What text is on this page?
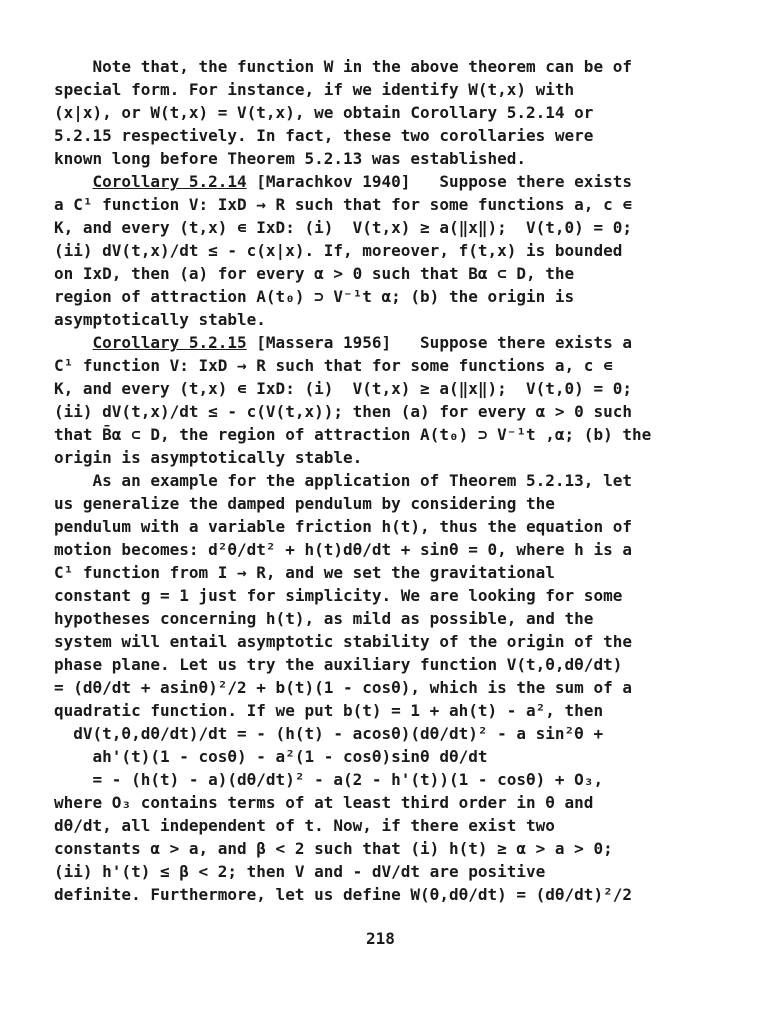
Note that, the function W in the above theorem can be of
special form. For instance, if we identify W(t,x) with
(x|x), or W(t,x) = V(t,x), we obtain Corollary 5.2.14 or
5.2.15 respectively. In fact, these two corollaries were
known long before Theorem 5.2.13 was established.
Corollary 5.2.14 [Marachkov 1940]   Suppose there exists
a C¹ function V: IxD → R such that for some functions a, c ∊
K, and every (t,x) ∊ IxD: (i)  V(t,x) ≥ a(‖x‖);  V(t,0) = 0;
(ii) dV(t,x)/dt ≤ - c(x|x). If, moreover, f(t,x) is bounded
on IxD, then (a) for every α > 0 such that Bα ⊂ D, the
region of attraction A(t₀) ⊃ V⁻¹t α; (b) the origin is
asymptotically stable.
Corollary 5.2.15 [Massera 1956]   Suppose there exists a
C¹ function V: IxD → R such that for some functions a, c ∊
K, and every (t,x) ∊ IxD: (i)  V(t,x) ≥ a(‖x‖);  V(t,0) = 0;
(ii) dV(t,x)/dt ≤ - c(V(t,x)); then (a) for every α > 0 such
that B̄α ⊂ D, the region of attraction A(t₀) ⊃ V⁻¹t ,α; (b) the
origin is asymptotically stable.
As an example for the application of Theorem 5.2.13, let
us generalize the damped pendulum by considering the
pendulum with a variable friction h(t), thus the equation of
motion becomes: d²θ/dt² + h(t)dθ/dt + sinθ = 0, where h is a
C¹ function from I → R, and we set the gravitational
constant g = 1 just for simplicity. We are looking for some
hypotheses concerning h(t), as mild as possible, and the
system will entail asymptotic stability of the origin of the
phase plane. Let us try the auxiliary function V(t,θ,dθ/dt)
= (dθ/dt + asinθ)²/2 + b(t)(1 - cosθ), which is the sum of a
quadratic function. If we put b(t) = 1 + ah(t) - a², then
dV(t,θ,dθ/dt)/dt = - (h(t) - acosθ)(dθ/dt)² - a sin²θ +
ah'(t)(1 - cosθ) - a²(1 - cosθ)sinθ dθ/dt
= - (h(t) - a)(dθ/dt)² - a(2 - h'(t))(1 - cosθ) + O₃,
where O₃ contains terms of at least third order in θ and
dθ/dt, all independent of t. Now, if there exist two
constants α > a, and β < 2 such that (i) h(t) ≥ α > a > 0;
(ii) h'(t) ≤ β < 2; then V and - dV/dt are positive
definite. Furthermore, let us define W(θ,dθ/dt) = (dθ/dt)²/2
218
